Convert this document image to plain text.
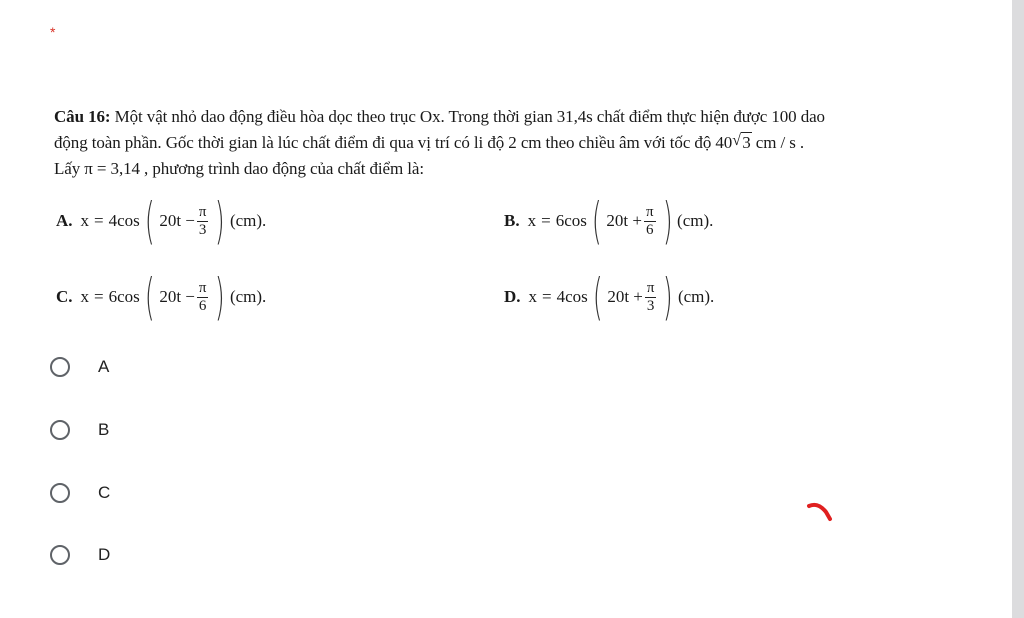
*
Câu 16: Một vật nhỏ dao động điều hòa dọc theo trục Ox. Trong thời gian 31,4s chất điểm thực hiện được 100 dao
động toàn phần. Gốc thời gian là lúc chất điểm đi qua vị trí có li độ 2 cm theo chiều âm với tốc độ 40 √ 3 cm / s .
Lấy π = 3,14 , phương trình dao động của chất điểm là:
A. x = 4cos ( $20t - \frac{\pi}{3}$ ) (cm).	B. x = 6cos ( $20t + \frac{\pi}{6}$ ) (cm).
C. x = 6cos ( $20t - \frac{\pi}{6}$ ) (cm).	D. x = 4cos ( $20t + \frac{\pi}{3}$ ) (cm).
A
B
C
D
